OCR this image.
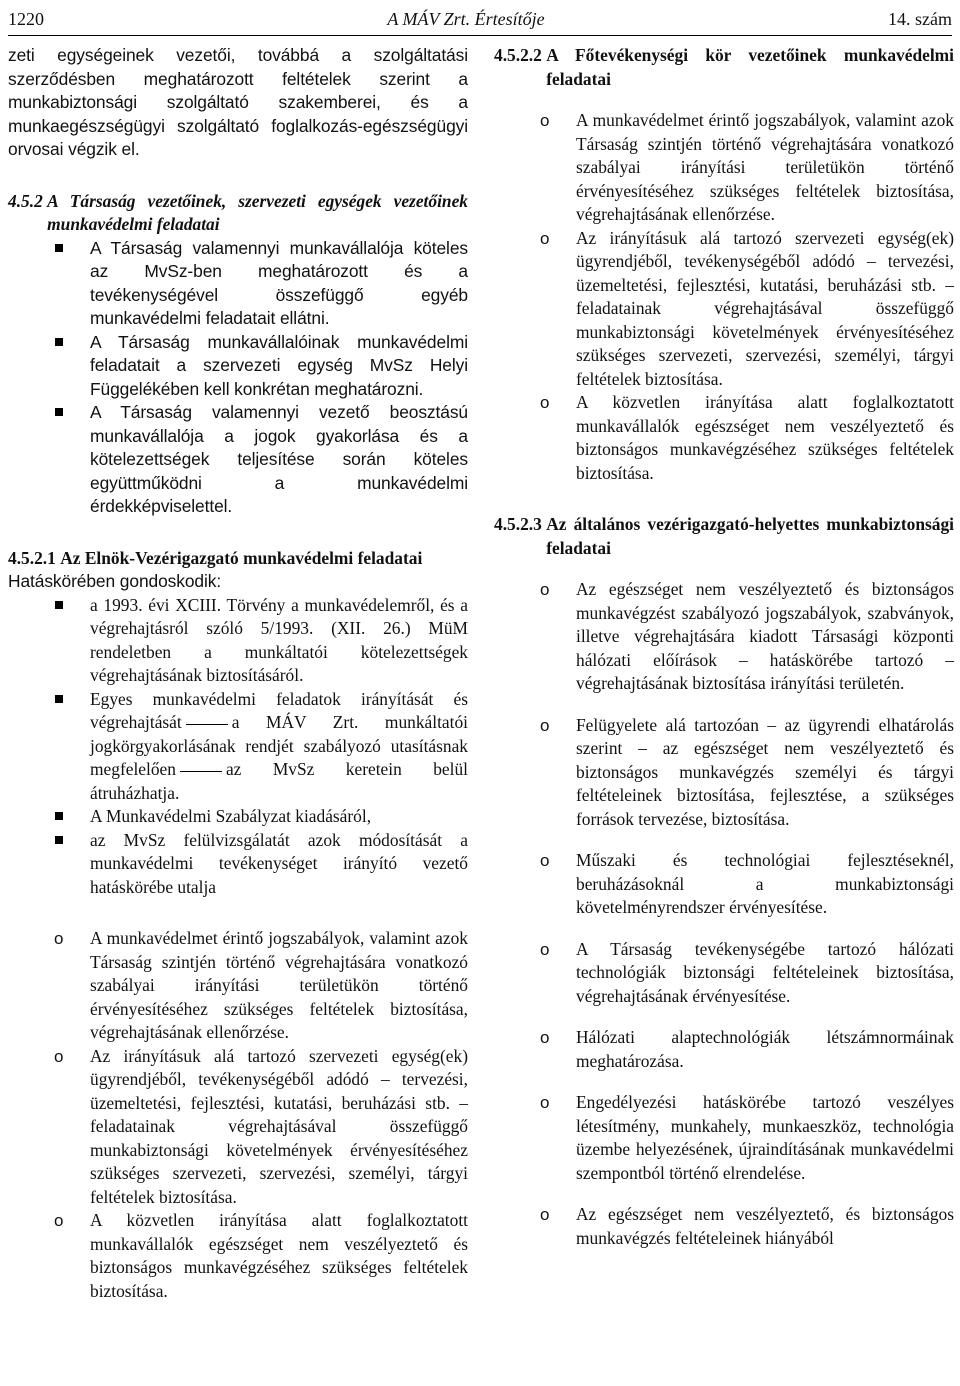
1220	A MÁV Zrt. Értesítője	14. szám

zeti egységeinek vezetői, továbbá a szolgáltatási szerződésben meghatározott feltételek szerint a munkabiztonsági szolgáltató szakemberei, és a munkaegészségügyi szolgáltató foglalkozás-egészségügyi orvosai végzik el.

4.5.2
A Társaság vezetőinek, szervezeti egységek vezetőinek munkavédelmi feladatai

A Társaság valamennyi munkavállalója köteles az MvSz-ben meghatározott és a tevékenységével összefüggő egyéb munkavédelmi feladatait ellátni.
A Társaság munkavállalóinak munkavédelmi feladatait a szervezeti egység MvSz Helyi Függelékében kell konkrétan meghatározni.
A Társaság valamennyi vezető beosztású munkavállalója a jogok gyakorlása és a kötelezettségek teljesítése során köteles együttműködni a munkavédelmi érdekképviselettel.

4.5.2.1
Az Elnök-Vezérigazgató munkavédelmi feladatai

Hatáskörében gondoskodik:

a 1993. évi XCIII. Törvény a munkavédelemről, és a végrehajtásról szóló 5/1993. (XII. 26.) MüM rendeletben a munkáltatói kötelezettségek végrehajtásának biztosításáról.
Egyes munkavédelmi feladatok irányítását és végrehajtását	a MÁV Zrt. munkáltatói jogkörgyakorlásának rendjét szabályozó utasításnak megfelelően	az MvSz keretein belül átruházhatja.
A Munkavédelmi Szabályzat kiadásáról,
az MvSz felülvizsgálatát azok módosítását a munkavédelmi tevékenységet irányító vezető hatáskörébe utalja
o A munkavédelmet érintő jogszabályok, valamint azok Társaság szintjén történő végrehajtására vonatkozó szabályai irányítási területükön történő érvényesítéséhez szükséges feltételek biztosítása, végrehajtásának ellenőrzése.
o Az irányításuk alá tartozó szervezeti egység(ek) ügyrendjéből, tevékenységéből adódó – tervezési, üzemeltetési, fejlesztési, kutatási, beruházási stb. – feladatainak végrehajtásával összefüggő munkabiztonsági követelmények érvényesítéséhez szükséges szervezeti, szervezési, személyi, tárgyi feltételek biztosítása.
o A közvetlen irányítása alatt foglalkoztatott munkavállalók egészséget nem veszélyeztető és biztonságos munkavégzéséhez szükséges feltételek biztosítása.

4.5.2.2
A Főtevékenységi kör vezetőinek munkavédelmi feladatai

o A munkavédelmet érintő jogszabályok, valamint azok Társaság szintjén történő végrehajtására vonatkozó szabályai irányítási területükön történő érvényesítéséhez szükséges feltételek biztosítása, végrehajtásának ellenőrzése.
o Az irányításuk alá tartozó szervezeti egység(ek) ügyrendjéből, tevékenységéből adódó – tervezési, üzemeltetési, fejlesztési, kutatási, beruházási stb. – feladatainak végrehajtásával összefüggő munkabiztonsági követelmények érvényesítéséhez szükséges szervezeti, szervezési, személyi, tárgyi feltételek biztosítása.
o A közvetlen irányítása alatt foglalkoztatott munkavállalók egészséget nem veszélyeztető és biztonságos munkavégzéséhez szükséges feltételek biztosítása.

4.5.2.3
Az általános vezérigazgató-helyettes munkabiztonsági feladatai

o Az egészséget nem veszélyeztető és biztonságos munkavégzést szabályozó jogszabályok, szabványok, illetve végrehajtására kiadott Társasági központi hálózati előírások – hatáskörébe tartozó – végrehajtásának biztosítása irányítási területén.
o Felügyelete alá tartozóan – az ügyrendi elhatárolás szerint – az egészséget nem veszélyeztető és biztonságos munkavégzés személyi és tárgyi feltételeinek biztosítása, fejlesztése, a szükséges források tervezése, biztosítása.
o Műszaki és technológiai fejlesztéseknél, beruházásoknál a munkabiztonsági követelményrendszer érvényesítése.
o A Társaság tevékenységébe tartozó hálózati technológiák biztonsági feltételeinek biztosítása, végrehajtásának érvényesítése.
o Hálózati alaptechnológiák létszámnormáinak meghatározása.
o Engedélyezési hatáskörébe tartozó veszélyes létesítmény, munkahely, munkaeszköz, technológia üzembe helyezésének, újraindításának munkavédelmi szempontból történő elrendelése.
o Az egészséget nem veszélyeztető, és biztonságos munkavégzés feltételeinek hiányából
